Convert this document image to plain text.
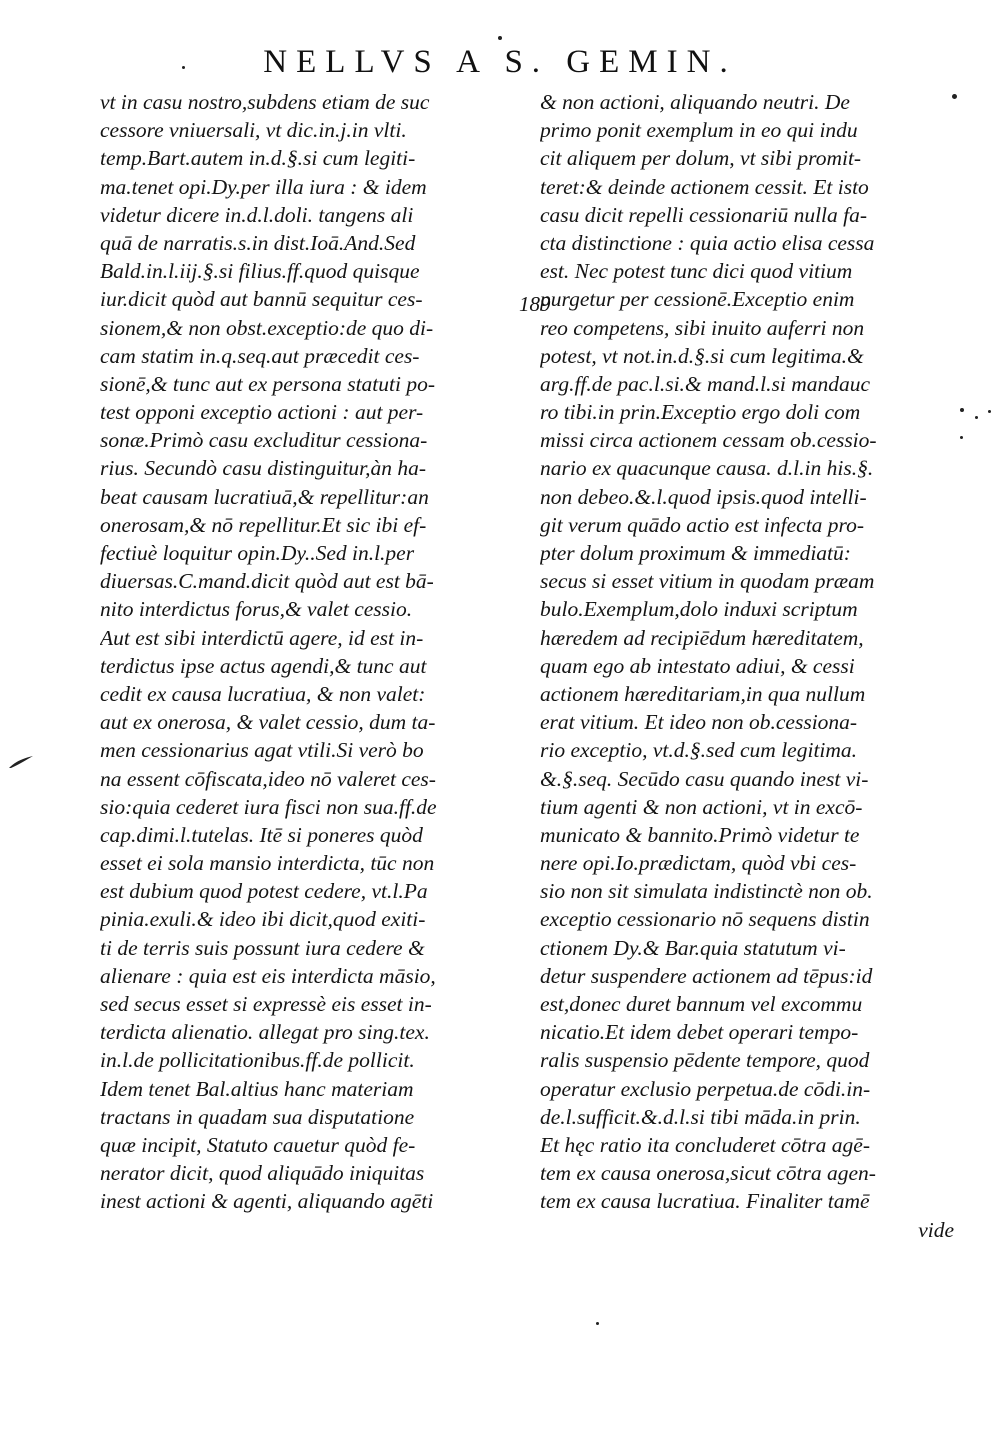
NELLVS A S. GEMIN.
vt in casu nostro,subdens etiam de suc
cessore vniuersali, vt dic.in.j.in vlti.
temp.Bart.autem in.d.§.si cum legiti-
ma.tenet opi.Dy.per illa iura : & idem
videtur dicere in.d.l.doli. tangens ali
quā de narratis.s.in dist.Ioā.And.Sed
Bald.in.l.iij.§.si filius.ff.quod quisque
iur.dicit quòd aut bannū sequitur ces-
sionem,& non obst.exceptio:de quo di-
cam statim in.q.seq.aut præcedit ces-
sionē,& tunc aut ex persona statuti po-
test opponi exceptio actioni : aut per-
sonæ.Primò casu excluditur cessiona-
rius. Secundò casu distinguitur,àn ha-
beat causam lucratiuā,& repellitur:an
onerosam,& nō repellitur.Et sic ibi ef-
fectiuè loquitur opin.Dy..Sed in.l.per
diuersas.C.mand.dicit quòd aut est bā-
nito interdictus forus,& valet cessio.
Aut est sibi interdictū agere, id est in-
terdictus ipse actus agendi,& tunc aut
cedit ex causa lucratiua, & non valet:
aut ex onerosa, & valet cessio, dum ta-
men cessionarius agat vtili.Si verò bo
na essent cōfiscata,ideo nō valeret ces-
sio:quia cederet iura fisci non sua.ff.de
cap.dimi.l.tutelas. Itē si poneres quòd
esset ei sola mansio interdicta, tūc non
est dubium quod potest cedere, vt.l.Pa
pinia.exuli.& ideo ibi dicit,quod exiti-
ti de terris suis possunt iura cedere &
alienare : quia est eis interdicta māsio,
sed secus esset si expressè eis esset in-
terdicta alienatio. allegat pro sing.tex.
in.l.de pollicitationibus.ff.de pollicit.
Idem tenet Bal.altius hanc materiam
tractans in quadam sua disputatione
quæ incipit, Statuto cauetur quòd fe-
nerator dicit, quod aliquādo iniquitas
inest actioni & agenti, aliquando agēti
189
& non actioni, aliquando neutri. De
primo ponit exemplum in eo qui indu
cit aliquem per dolum, vt sibi promit-
teret:& deinde actionem cessit. Et isto
casu dicit repelli cessionariū nulla fa-
cta distinctione : quia actio elisa cessa
est. Nec potest tunc dici quod vitium
purgetur per cessionē.Exceptio enim
reo competens, sibi inuito auferri non
potest, vt not.in.d.§.si cum legitima.&
arg.ff.de pac.l.si.& mand.l.si mandauc
ro tibi.in prin.Exceptio ergo doli com
missi circa actionem cessam ob.cessio-
nario ex quacunque causa. d.l.in his.§.
non debeo.&.l.quod ipsis.quod intelli-
git verum quādo actio est infecta pro-
pter dolum proximum & immediatū:
secus si esset vitium in quodam præam
bulo.Exemplum,dolo induxi scriptum
hæredem ad recipiēdum hæreditatem,
quam ego ab intestato adiui, & cessi
actionem hæreditariam,in qua nullum
erat vitium. Et ideo non ob.cessiona-
rio exceptio, vt.d.§.sed cum legitima.
&.§.seq. Secūdo casu quando inest vi-
tium agenti & non actioni, vt in excō-
municato & bannito.Primò videtur te
nere opi.Io.prædictam, quòd vbi ces-
sio non sit simulata indistinctè non ob.
exceptio cessionario nō sequens distin
ctionem Dy.& Bar.quia statutum vi-
detur suspendere actionem ad tēpus:id
est,donec duret bannum vel excommu
nicatio.Et idem debet operari tempo-
ralis suspensio pēdente tempore, quod
operatur exclusio perpetua.de cōdi.in-
de.l.sufficit.&.d.l.si tibi māda.in prin.
Et hęc ratio ita concluderet cōtra agē-
tem ex causa onerosa,sicut cōtra agen-
tem ex causa lucratiua. Finaliter tamē
vide
